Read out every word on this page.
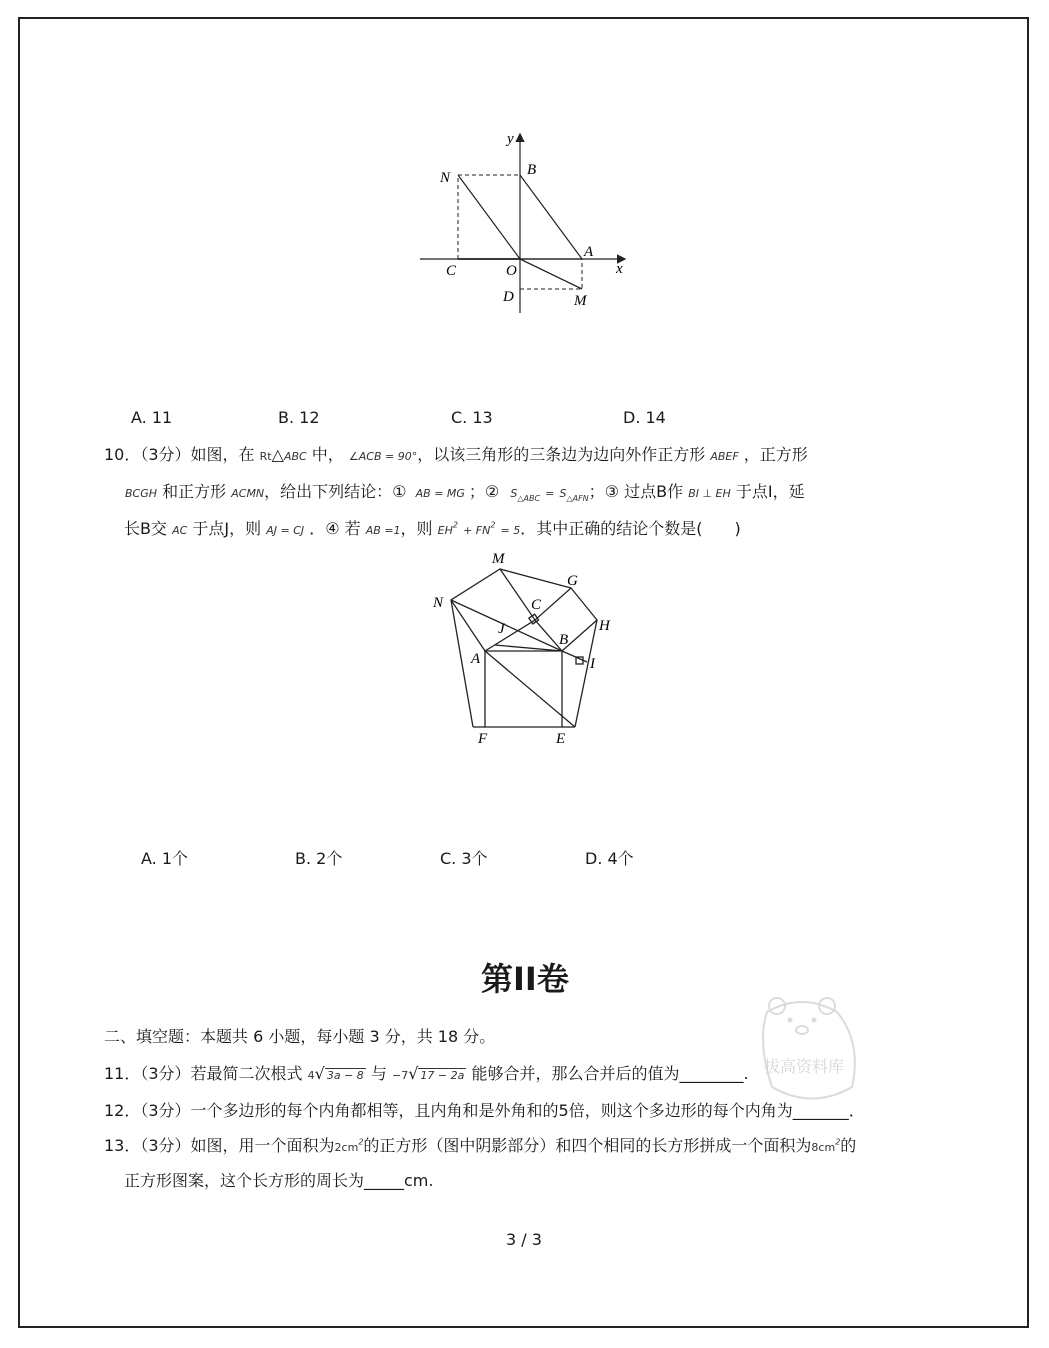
y
x
B
N
A
C	O
D	M
A. 11	B. 12	C. 13	D. 14
10．（3分）如图，在 Rt△ABC 中， ∠ACB = 90°，以该三角形的三条边为边向外作正方形 ABEF ，正方形
BCGH 和正方形 ACMN，给出下列结论：① AB = MG ；② $S_{\triangle ABC} = S_{\triangle AFN}$；③ 过点B作 BI ⊥ EH 于点I，延
长B交 AC 于点J，则 AJ = CJ ．④ 若 AB =1，则 $EH^2 + FN^2 = 5$．其中正确的结论个数是(　　)
M
G
N	C
H
J
B
A	I
F	E
A. 1个	B. 2个	C. 3个	D. 4个
第II卷
拔高资料库
二、填空题：本题共 6 小题，每小题 3 分，共 18 分。
11．（3分）若最简二次根式 4√ 3a − 8 与 −7√ 17 − 2a 能够合并，那么合并后的值为________.
12．（3分）一个多边形的每个内角都相等，且内角和是外角和的5倍，则这个多边形的每个内角为_______．
13．（3分）如图，用一个面积为$2cm^2$的正方形（图中阴影部分）和四个相同的长方形拼成一个面积为$8cm^2$的
正方形图案，这个长方形的周长为_____cm.
3 / 3
